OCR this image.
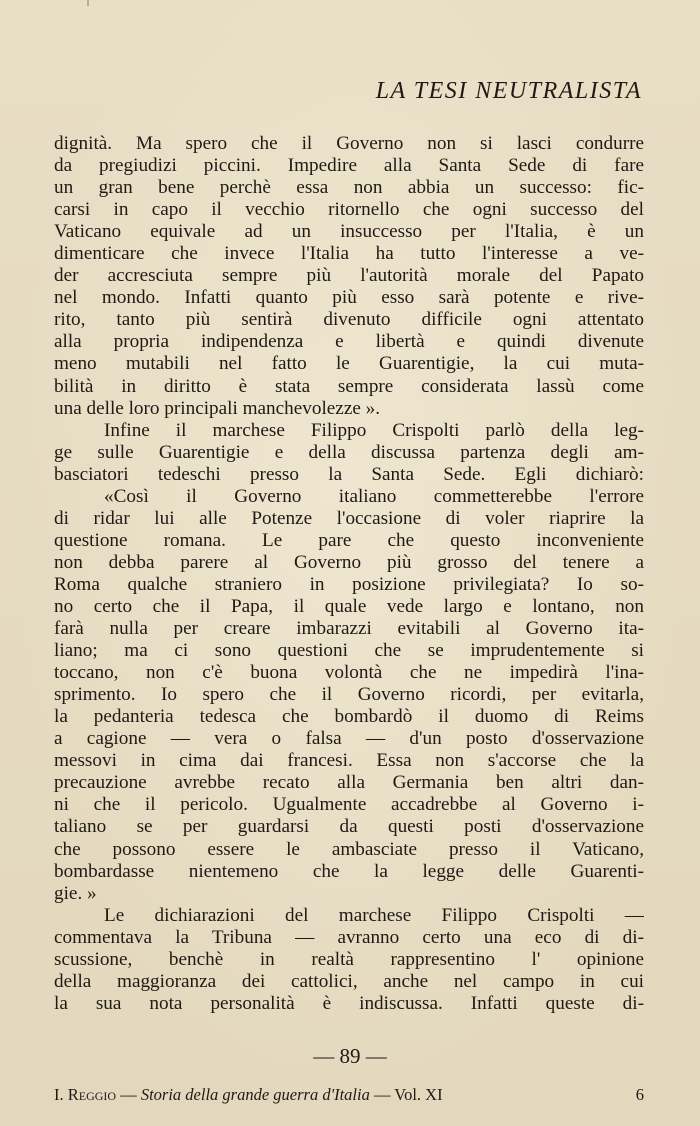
LA TESI NEUTRALISTA
dignità. Ma spero che il Governo non si lasci condurre
da pregiudizi piccini. Impedire alla Santa Sede di fare
un gran bene perchè essa non abbia un successo: fic-
carsi in capo il vecchio ritornello che ogni successo del
Vaticano equivale ad un insuccesso per l'Italia, è un
dimenticare che invece l'Italia ha tutto l'interesse a ve-
der accresciuta sempre più l'autorità morale del Papato
nel mondo. Infatti quanto più esso sarà potente e rive-
rito, tanto più sentirà divenuto difficile ogni attentato
alla propria indipendenza e libertà e quindi divenute
meno mutabili nel fatto le Guarentigie, la cui muta-
bilità in diritto è stata sempre considerata lassù come
una delle loro principali manchevolezze ».
Infine il marchese Filippo Crispolti parlò della leg-
ge sulle Guarentigie e della discussa partenza degli am-
basciatori tedeschi presso la Santa Sede. Egli dichiarò:
«Così il Governo italiano commetterebbe l'errore
di ridar lui alle Potenze l'occasione di voler riaprire la
questione romana. Le pare che questo inconveniente
non debba parere al Governo più grosso del tenere a
Roma qualche straniero in posizione privilegiata? Io so-
no certo che il Papa, il quale vede largo e lontano, non
farà nulla per creare imbarazzi evitabili al Governo ita-
liano; ma ci sono questioni che se imprudentemente si
toccano, non c'è buona volontà che ne impedirà l'ina-
sprimento. Io spero che il Governo ricordi, per evitarla,
la pedanteria tedesca che bombardò il duomo di Reims
a cagione — vera o falsa — d'un posto d'osservazione
messovi in cima dai francesi. Essa non s'accorse che la
precauzione avrebbe recato alla Germania ben altri dan-
ni che il pericolo. Ugualmente accadrebbe al Governo i-
taliano se per guardarsi da questi posti d'osservazione
che possono essere le ambasciate presso il Vaticano,
bombardasse nientemeno che la legge delle Guarenti-
gie. »
Le dichiarazioni del marchese Filippo Crispolti —
commentava la Tribuna — avranno certo una eco di di-
scussione, benchè in realtà rappresentino l' opinione
della maggioranza dei cattolici, anche nel campo in cui
la sua nota personalità è indiscussa. Infatti queste di-
— 89 —
I. Reggio — Storia della grande guerra d'Italia — Vol. XI	6
